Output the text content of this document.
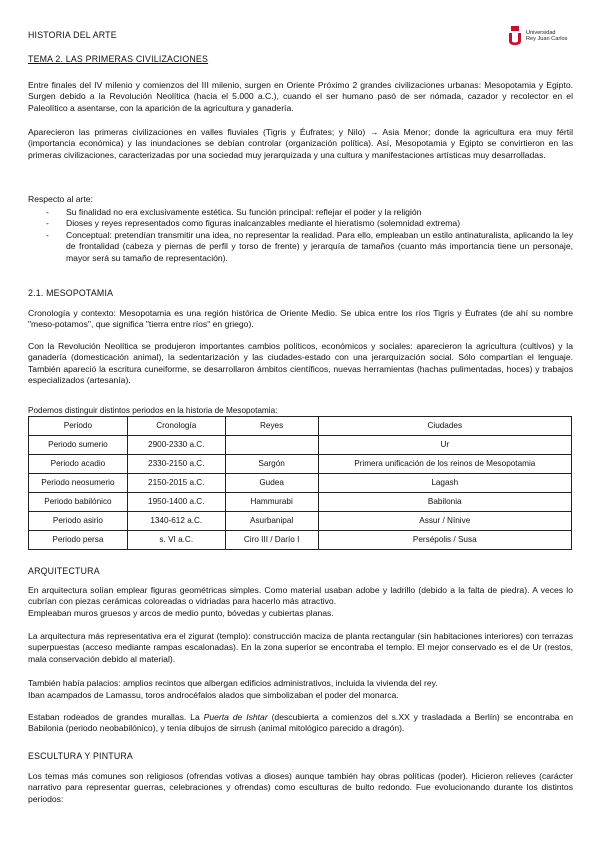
HISTORIA DEL ARTE	Universidad
Rey Juan Carlos
TEMA 2. LAS PRIMERAS CIVILIZACIONES
Entre finales del IV milenio y comienzos del III milenio, surgen en Oriente Próximo 2 grandes civilizaciones urbanas: Mesopotamia y Egipto. Surgen debido a la Revolución Neolítica (hacia el 5.000 a.C.), cuando el ser humano pasó de ser nómada, cazador y recolector en el Paleolítico a asentarse, con la aparición de la agricultura y ganadería.
Aparecieron las primeras civilizaciones en valles fluviales (Tigris y Éufrates; y Nilo) → Asia Menor; donde la agricultura era muy fértil (importancia económica) y las inundaciones se debían controlar (organización política). Así, Mesopotamia y Egipto se convirtieron en las primeras civilizaciones, caracterizadas por una sociedad muy jerarquizada y una cultura y manifestaciones artísticas muy desarrolladas.
Respecto al arte:
- Su finalidad no era exclusivamente estética. Su función principal: reflejar el poder y la religión
- Dioses y reyes representados como figuras inalcanzables mediante el hieratismo (solemnidad extrema)
- Conceptual: pretendían transmitir una idea, no representar la realidad. Para ello, empleaban un estilo antinaturalista, aplicando la ley de frontalidad (cabeza y piernas de perfil y torso de frente) y jerarquía de tamaños (cuanto más importancia tiene un personaje, mayor será su tamaño de representación).
2.1. MESOPOTAMIA
Cronología y contexto: Mesopotamia es una región histórica de Oriente Medio. Se ubica entre los ríos Tigris y Éufrates (de ahí su nombre "meso-potamos", que significa "tierra entre ríos" en griego).
Con la Revolución Neolítica se produjeron importantes cambios políticos, económicos y sociales: aparecieron la agricultura (cultivos) y la ganadería (domesticación animal), la sedentarización y las ciudades-estado con una jerarquización social. Sólo compartían el lenguaje. También apareció la escritura cuneiforme, se desarrollaron ámbitos científicos, nuevas herramientas (hachas pulimentadas, hoces) y trabajos especializados (artesanía).
Podemos distinguir distintos periodos en la historia de Mesopotamia:
Periodo	Cronología	Reyes	Ciudades
Periodo sumerio	2900-2330 a.C.		Ur
Periodo acadio	2330-2150 a.C.	Sargón	Primera unificación de los reinos de Mesopotamia
Periodo neosumerio	2150-2015 a.C.	Gudea	Lagash
Periodo babilónico	1950-1400 a.C.	Hammurabi	Babilonia
Periodo asirio	1340-612 a.C.	Asurbanipal	Assur / Nínive
Periodo persa	s. VI a.C.	Ciro III / Darío I	Persépolis / Susa
ARQUITECTURA
En arquitectura solían emplear figuras geométricas simples. Como material usaban adobe y ladrillo (debido a la falta de piedra). A veces lo cubrían con piezas cerámicas coloreadas o vidriadas para hacerlo más atractivo.
Empleaban muros gruesos y arcos de medio punto, bóvedas y cubiertas planas.
La arquitectura más representativa era el zigurat (templo): construcción maciza de planta rectangular (sin habitaciones interiores) con terrazas superpuestas (acceso mediante rampas escalonadas). En la zona superior se encontraba el templo. El mejor conservado es el de Ur (restos, mala conservación debido al material).
También había palacios: amplios recintos que albergan edificios administrativos, incluida la vivienda del rey.
Iban acampados de Lamassu, toros androcéfalos alados que simbolizaban el poder del monarca.
Estaban rodeados de grandes murallas. La Puerta de Ishtar (descubierta a comienzos del s.XX y trasladada a Berlín) se encontraba en Babilonia (periodo neobabilónico), y tenía dibujos de sirrush (animal mitológico parecido a dragón).
ESCULTURA Y PINTURA
Los temas más comunes son religiosos (ofrendas votivas a dioses) aunque también hay obras políticas (poder). Hicieron relieves (carácter narrativo para representar guerras, celebraciones y ofrendas) como esculturas de bulto redondo. Fue evolucionando durante los distintos periodos:
